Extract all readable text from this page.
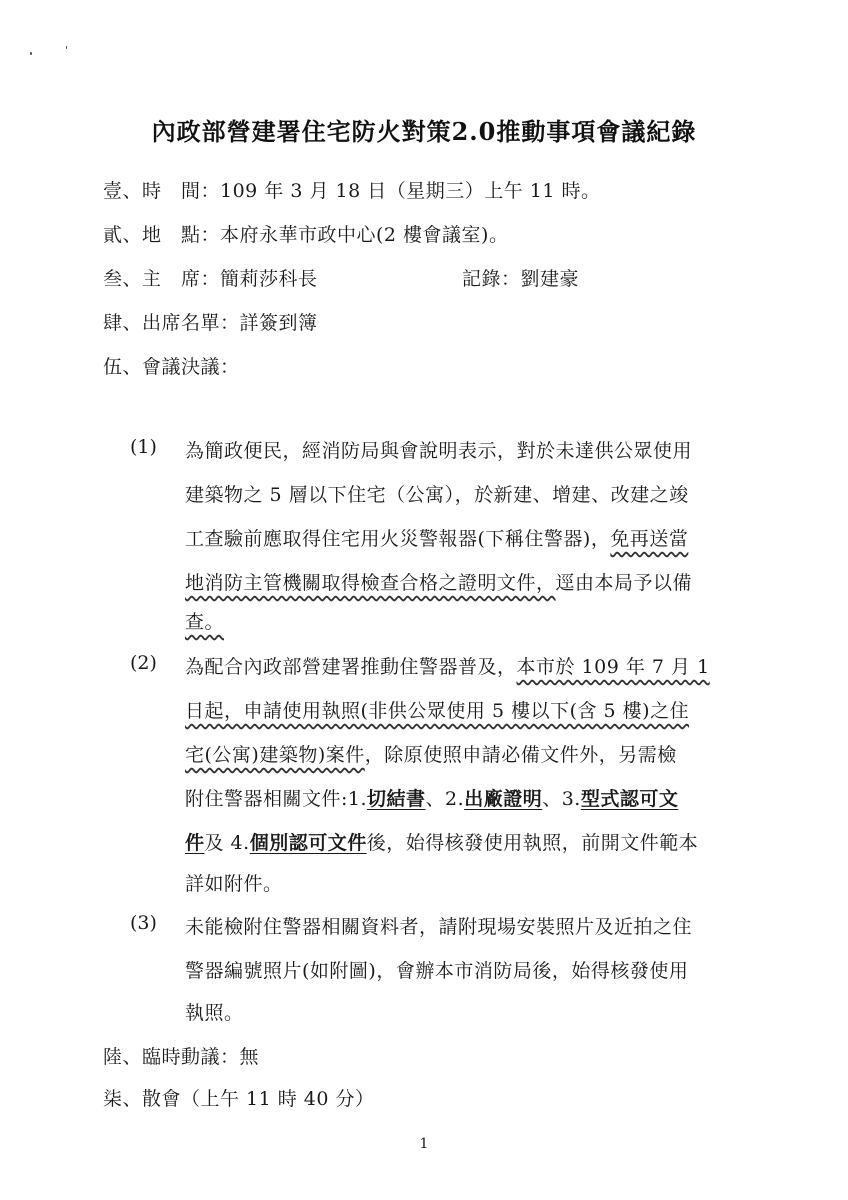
內政部營建署住宅防火對策2.0推動事項會議紀錄
壹、時　間：109 年 3 月 18 日（星期三）上午 11 時。
貳、地　點：本府永華市政中心(2 樓會議室)。
叁、主　席：簡莉莎科長	記錄：劉建豪
肆、出席名單：詳簽到簿
伍、會議決議：
(1) 為簡政便民，經消防局與會說明表示，對於未達供公眾使用
建築物之 5 層以下住宅（公寓），於新建、增建、改建之竣
工查驗前應取得住宅用火災警報器(下稱住警器)，免再送當
地消防主管機關取得檢查合格之證明文件，逕由本局予以備
查。
(2) 為配合內政部營建署推動住警器普及，本市於 109 年 7 月 1
日起，申請使用執照(非供公眾使用 5 樓以下(含 5 樓)之住
宅(公寓)建築物)案件，除原使照申請必備文件外，另需檢
附住警器相關文件:1.切結書、2.出廠證明、3.型式認可文
件及 4.個別認可文件後，始得核發使用執照，前開文件範本
詳如附件。
(3) 未能檢附住警器相關資料者，請附現場安裝照片及近拍之住
警器編號照片(如附圖)，會辦本市消防局後，始得核發使用
執照。
陸、臨時動議：無
柒、散會（上午 11 時 40 分）
1
